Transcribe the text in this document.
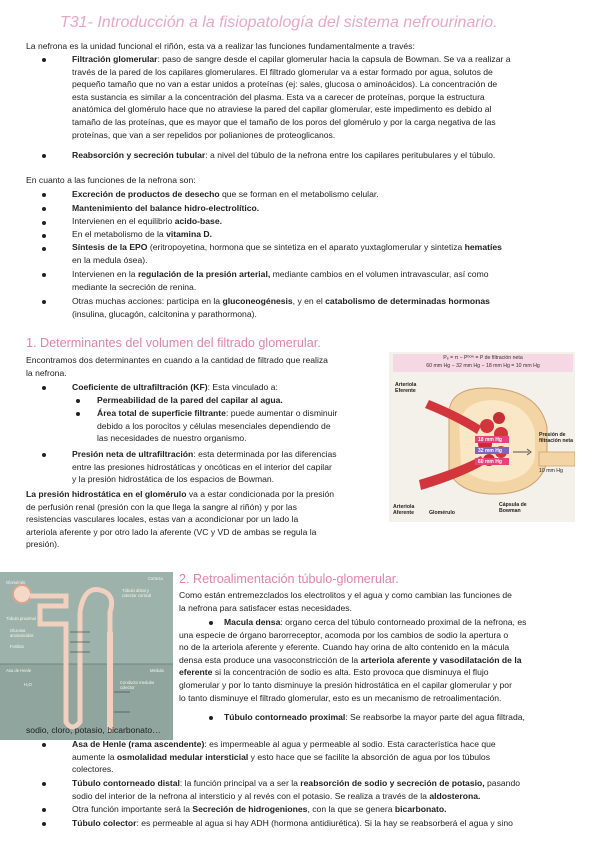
T31- Introducción a la fisiopatología del sistema nefrourinario.
La nefrona es la unidad funcional el riñón, esta va a realizar las funciones fundamentalmente a través:
Filtración glomerular: paso de sangre desde el capilar glomerular hacia la capsula de Bowman. Se va a realizar a
través de la pared de los capilares glomerulares. El filtrado glomerular va a estar formado por agua, solutos de
pequeño tamaño que no van a estar unidos a proteínas (ej: sales, glucosa o aminoácidos). La concentración de
esta sustancia es similar a la concentración del plasma. Esta va a carecer de proteínas, porque la estructura
anatómica del glomérulo hace que no atraviese la pared del capilar glomerular, este impedimento es debido al
tamaño de las proteínas, que es mayor que el tamaño de los poros del glomérulo y por la carga negativa de las
proteínas, que van a ser repelidos por polianiones de proteoglicanos.
Reabsorción y secreción tubular: a nivel del túbulo de la nefrona entre los capilares peritubulares y el túbulo.
En cuanto a las funciones de la nefrona son:
Excreción de productos de desecho que se forman en el metabolismo celular.
Mantenimiento del balance hidro-electrolítico.
Intervienen en el equilibrio acido-base.
En el metabolismo de la vitamina D.
Síntesis de la EPO (eritropoyetina, hormona que se sintetiza en el aparato yuxtaglomerular y sintetiza hematíes
en la medula ósea).
Intervienen en la regulación de la presión arterial, mediante cambios en el volumen intravascular, así como
mediante la secreción de renina.
Otras muchas acciones: participa en la gluconeogénesis, y en el catabolismo de determinadas hormonas
(insulina, glucagón, calcitonina y parathormona).
1. Determinantes del volumen del filtrado glomerular.
Encontramos dos determinantes en cuando a la cantidad de filtrado que realiza
la nefrona.
Coeficiente de ultrafiltración (KF): Esta vinculado a:
Permeabilidad de la pared del capilar al agua.
Área total de superficie filtrante: puede aumentar o disminuir
debido a los porocitos y células mesenciales dependiendo de
las necesidades de nuestro organismo.
Presión neta de ultrafiltración: esta determinada por las diferencias
entre las presiones hidrostáticas y oncóticas en el interior del capilar
y la presión hidrostática de los espacios de Bowman.
La presión hidrostática en el glomérulo va a estar condicionada por la presión
de perfusión renal (presión con la que llega la sangre al riñón) y por las
resistencias vasculares locales, estas van a acondicionar por un lado la
arteriola aferente y por otro lado la aferente (VC y VD de ambas se regula la
presión).
Pₑ = π − Pᵇᵒʷ = P de filtración neta
60 mm Hg − 32 mm Hg − 18 mm Hg = 10 mm Hg
18 mm Hg
32 mm Hg
60 mm Hg
Arteriola Eferente
Arteriola Aferente	Glomérulo
Cápsula de Bowman
Presión de filtración neta
10 mm Hg
2. Retroalimentación túbulo-glomerular.
Glomérulo
Corteza
Túbulo distal y
colector cortical
Túbulo proximal
Glucosa
aminoácidos
Fosfato
Asa de Henle	Médula
Conducto medular
colector
H₂O
Como están entremezclados los electrolitos y el agua y como cambian las funciones de
la nefrona para satisfacer estas necesidades.
Macula densa: organo cerca del túbulo contorneado proximal de la nefrona, es
una especie de órgano barorreceptor, acomoda por los cambios de sodio la apertura o
no de la arteriola aferente y eferente. Cuando hay orina de alto contenido en la mácula
densa esta produce una vasoconstricción de la arteriola aferente y vasodilatación de la
eferente si la concentración de sodio es alta. Esto provoca que disminuya el flujo
glomerular y por lo tanto disminuye la presión hidrostática en el capilar glomerular y por
lo tanto disminuye el filtrado glomerular, esto es un mecanismo de retroalimentación.
Túbulo contorneado proximal: Se reabsorbe la mayor parte del agua filtrada,
sodio, cloro, potasio, bicarbonato…
Asa de Henle (rama ascendente): es impermeable al agua y permeable al sodio. Esta característica hace que
aumente la osmolalidad medular intersticial y esto hace que se facilite la absorción de agua por los túbulos
colectores.
Túbulo contorneado distal: la función principal va a ser la reabsorción de sodio y secreción de potasio, pasando
sodio del interior de la nefrona al intersticio y al revés con el potasio. Se realiza a través de la aldosterona.
Otra función importante será la Secreción de hidrogeniones, con la que se genera bicarbonato.
Túbulo colector: es permeable al agua si hay ADH (hormona antidiurética). Si la hay se reabsorberá el agua y sino
